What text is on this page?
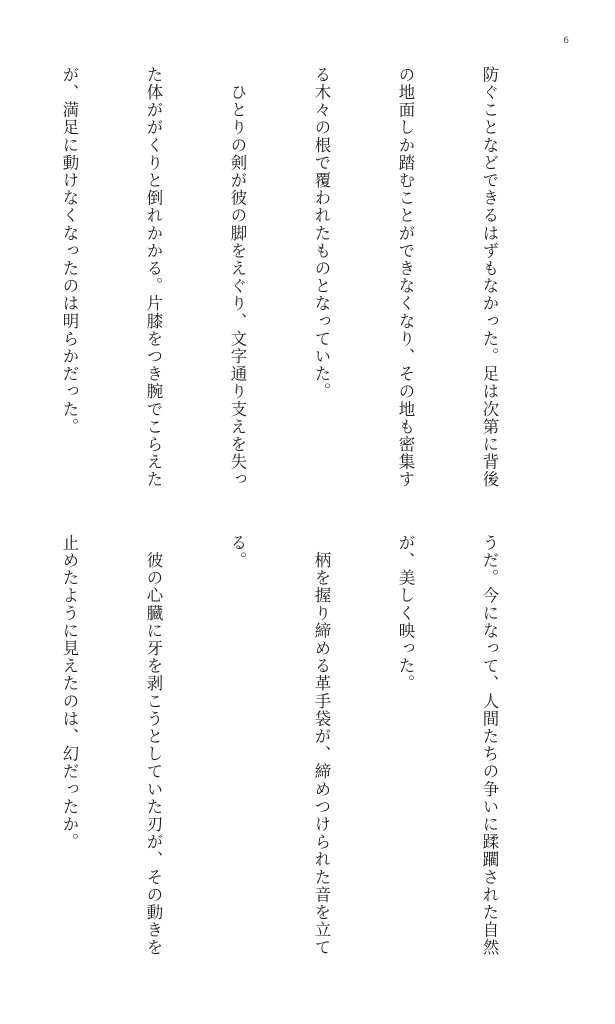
6

防ぐことなどできるはずもなかった。足は次第に背後

の地面しか踏むことができなくなり、その地も密集す

る木々の根で覆われたものとなっていた。

　ひとりの剣が彼の脚をえぐり、文字通り支えを失っ

た体ががくりと倒れかかる。片膝をつき腕でこらえた

が、満足に動けなくなったのは明らかだった。

うだ。今になって、人間たちの争いに蹂躙された自然

が、美しく映った。

　柄を握り締める革手袋が、締めつけられた音を立て

る。

　彼の心臓に牙を剥こうとしていた刃が、その動きを

止めたように見えたのは、幻だったか。
